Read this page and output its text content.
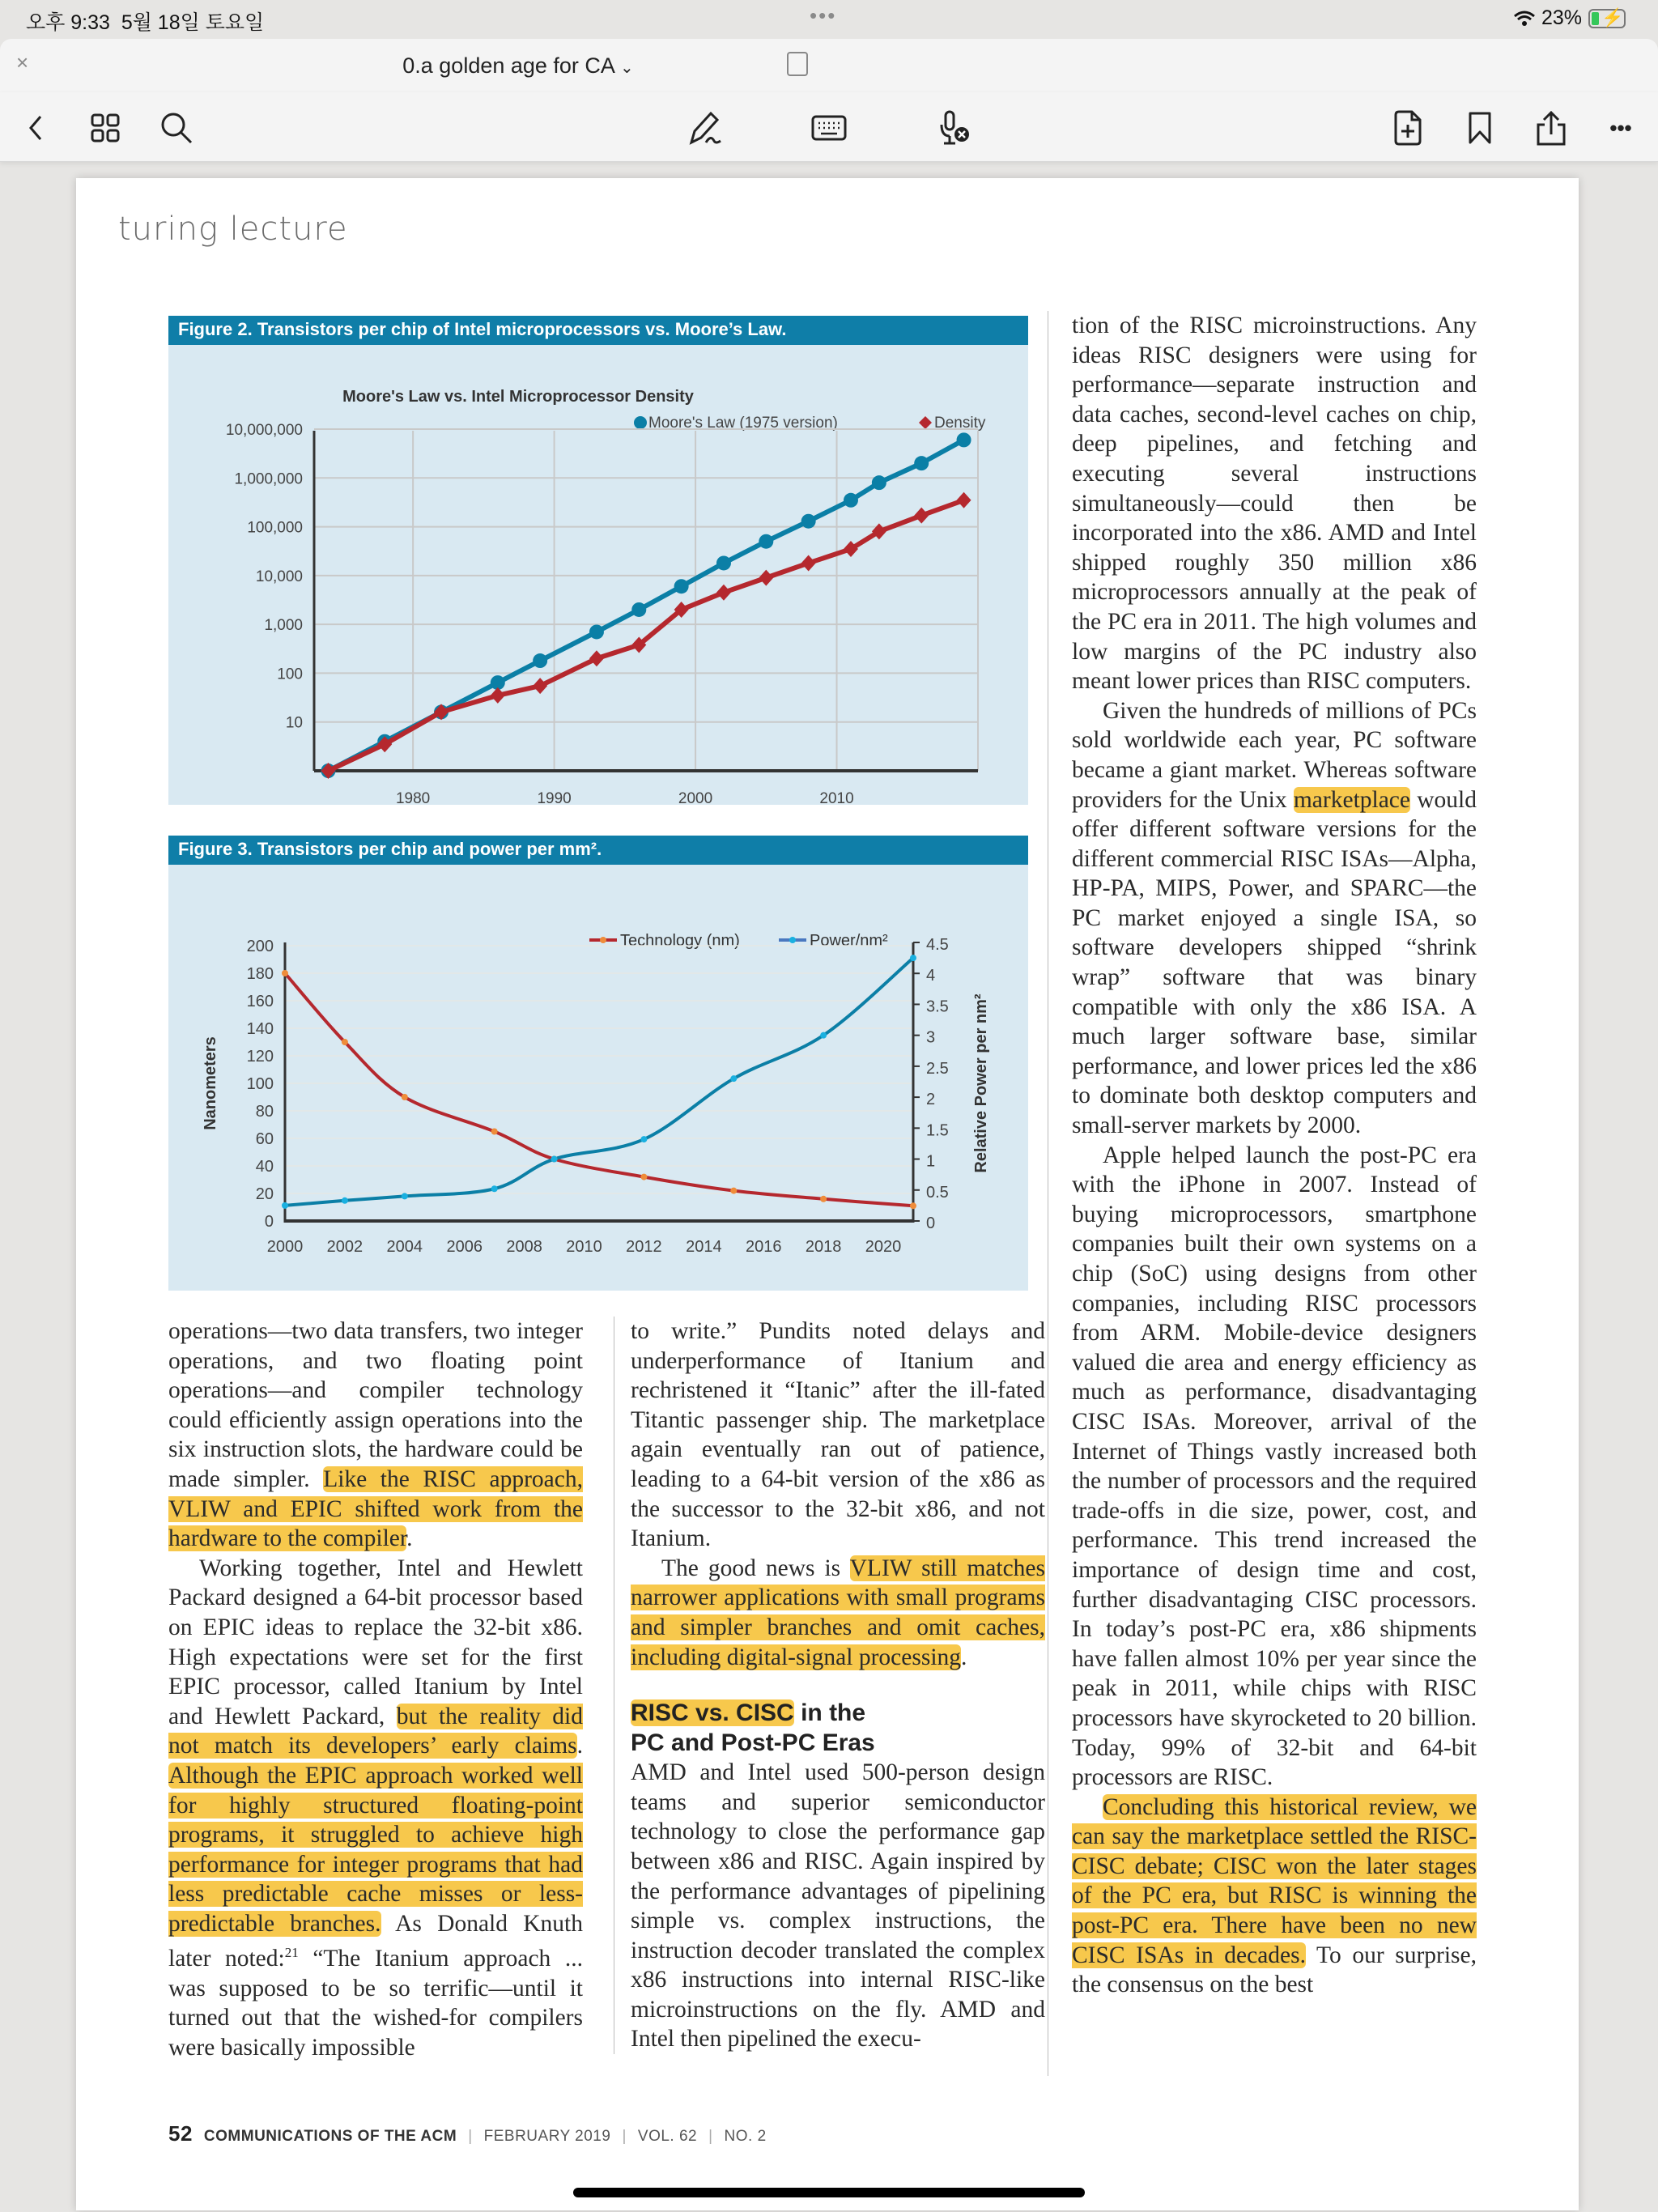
오후 9:33 5월 18일 토요일	•••	23% ⚡
×	0.a golden age for CA ⌄
•••
turing lecture
Figure 2. Transistors per chip of Intel microprocessors vs. Moore’s Law.
Moore's Law vs. Intel Microprocessor Density
Moore's Law (1975 version)	Density
10
100
1,000
10,000
100,000
1,000,000
10,000,000
1980	1990	2000	2010
Figure 3. Transistors per chip and power per mm².
Technology (nm)	Power/nm²
0
20
40
60
80
100
120
140
160
180
200
0
0.5
1
1.5
2
2.5
3
3.5
4
4.5
2000 2002 2004 2006 2008 2010 2012 2014 2016 2018 2020
Nanometers	Relative Power per nm²

operations—two data transfers, two integer operations, and two floating point operations—and compiler technology could efficiently assign operations into the six instruction slots, the hardware could be made simpler. Like the RISC approach, VLIW and EPIC shifted work from the hardware to the compiler.

Working together, Intel and Hewlett Packard designed a 64-bit processor based on EPIC ideas to replace the 32-bit x86. High expectations were set for the first EPIC processor, called Itanium by Intel and Hewlett Packard, but the reality did not match its developers’ early claims. Although the EPIC approach worked well for highly structured floating-point programs, it struggled to achieve high performance for integer programs that had less predictable cache misses or less-predictable branches. As Donald Knuth later noted:$^{21}$ “The Itanium approach ... was supposed to be so terrific—until it turned out that the wished-for compilers were basically impossible

to write.” Pundits noted delays and underperformance of Itanium and rechristened it “Itanic” after the ill-fated Titantic passenger ship. The marketplace again eventually ran out of patience, leading to a 64-bit version of the x86 as the successor to the 32-bit x86, and not Itanium.

The good news is VLIW still matches narrower applications with small programs and simpler branches and omit caches, including digital-signal processing.

RISC vs. CISC in the
PC and Post-PC Eras

AMD and Intel used 500-person design teams and superior semiconductor technology to close the performance gap between x86 and RISC. Again inspired by the performance advantages of pipelining simple vs. complex instructions, the instruction decoder translated the complex x86 instructions into internal RISC-like microinstructions on the fly. AMD and Intel then pipelined the execu-

tion of the RISC microinstructions. Any ideas RISC designers were using for performance—separate instruction and data caches, second-level caches on chip, deep pipelines, and fetching and executing several instructions simultaneously—could then be incorporated into the x86. AMD and Intel shipped roughly 350 million x86 microprocessors annually at the peak of the PC era in 2011. The high volumes and low margins of the PC industry also meant lower prices than RISC computers.

Given the hundreds of millions of PCs sold worldwide each year, PC software became a giant market. Whereas software providers for the Unix marketplace would offer different software versions for the different commercial RISC ISAs—Alpha, HP-PA, MIPS, Power, and SPARC—the PC market enjoyed a single ISA, so software developers shipped “shrink wrap” software that was binary compatible with only the x86 ISA. A much larger software base, similar performance, and lower prices led the x86 to dominate both desktop computers and small-server markets by 2000.

Apple helped launch the post-PC era with the iPhone in 2007. Instead of buying microprocessors, smartphone companies built their own systems on a chip (SoC) using designs from other companies, including RISC processors from ARM. Mobile-device designers valued die area and energy efficiency as much as performance, disadvantaging CISC ISAs. Moreover, arrival of the Internet of Things vastly increased both the number of processors and the required trade-offs in die size, power, cost, and performance. This trend increased the importance of design time and cost, further disadvantaging CISC processors. In today’s post-PC era, x86 shipments have fallen almost 10% per year since the peak in 2011, while chips with RISC processors have skyrocketed to 20 billion. Today, 99% of 32-bit and 64-bit processors are RISC.

Concluding this historical review, we can say the marketplace settled the RISC-CISC debate; CISC won the later stages of the PC era, but RISC is winning the post-PC era. There have been no new CISC ISAs in decades. To our surprise, the consensus on the best

52 COMMUNICATIONS OF THE ACM | FEBRUARY 2019 | VOL. 62 | NO. 2
